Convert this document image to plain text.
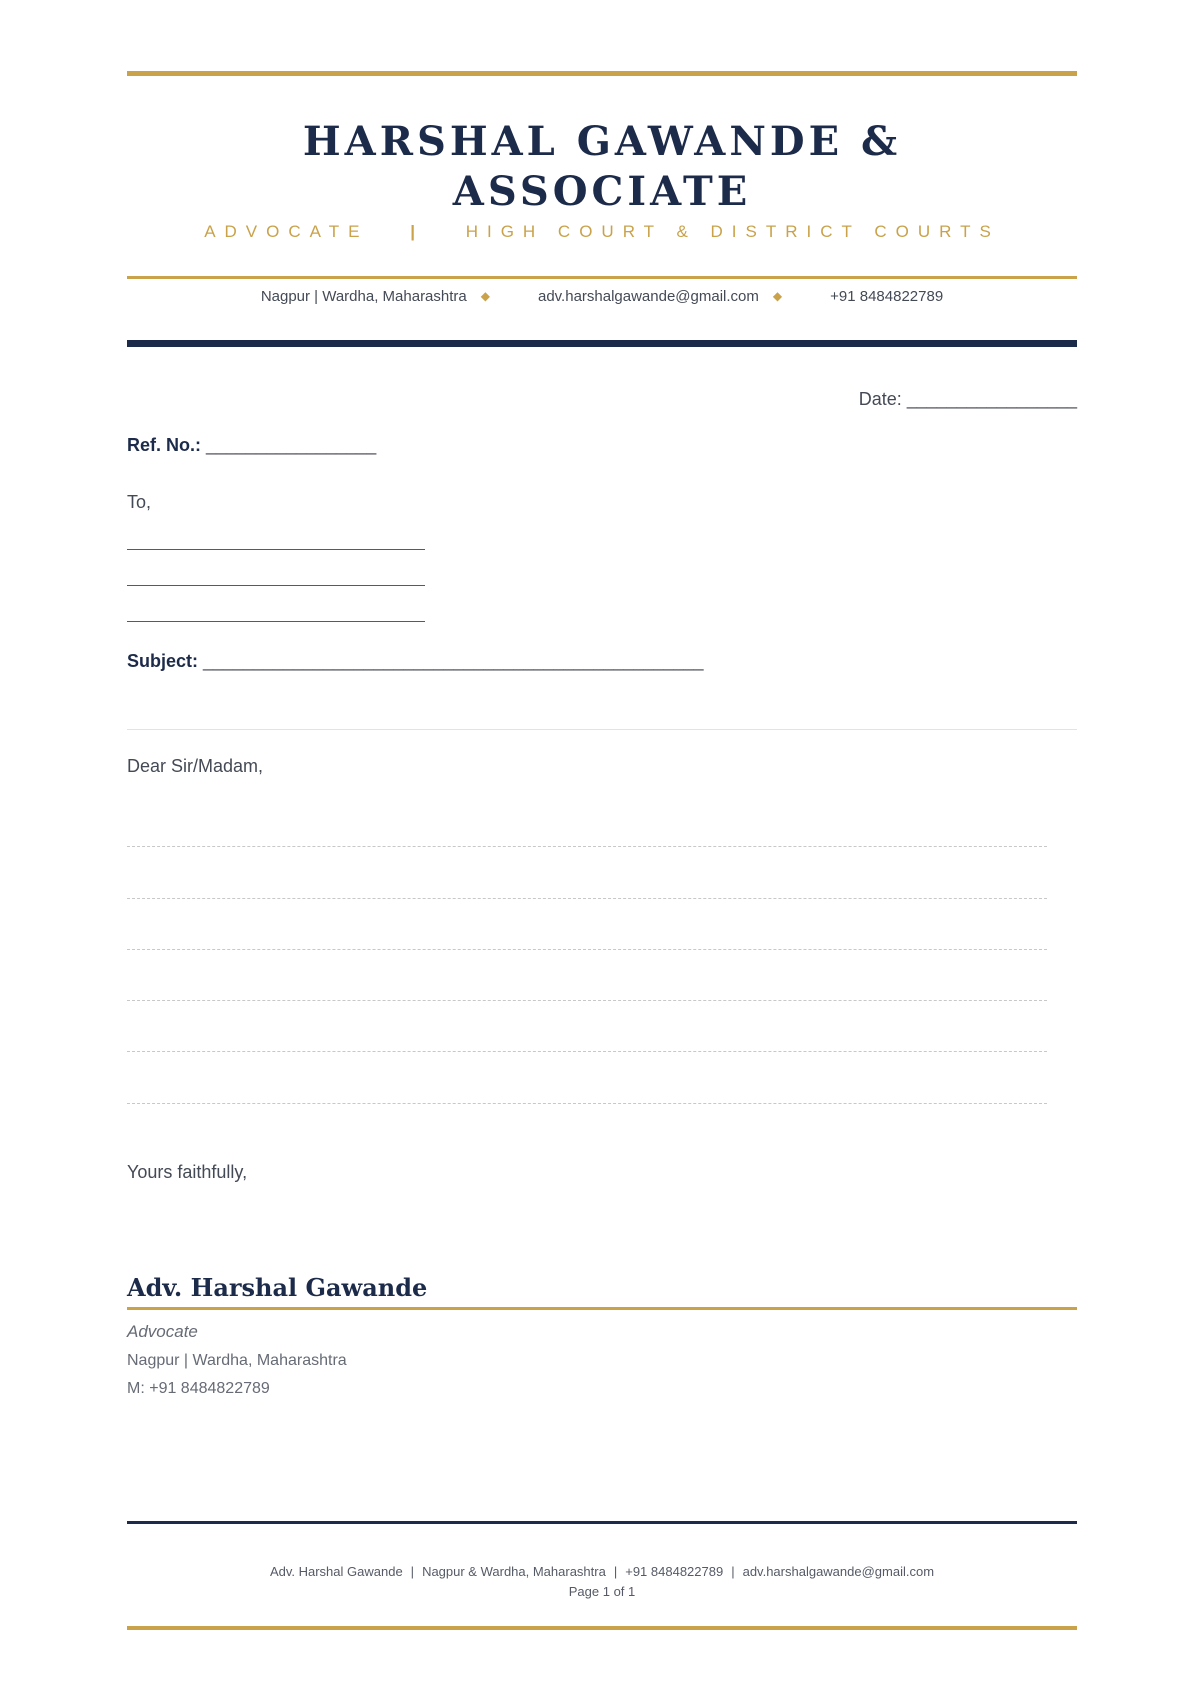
HARSHAL GAWANDE &
ASSOCIATE
ADVOCATE | HIGH COURT & DISTRICT COURTS
Nagpur | Wardha, Maharashtra ◆	adv.harshalgawande@gmail.com ◆	+91 8484822789
Date: _________________
Ref. No.: _________________
To,
Subject: __________________________________________________
Dear Sir/Madam,
Yours faithfully,
Adv. Harshal Gawande
Advocate
Nagpur | Wardha, Maharashtra
M: +91 8484822789
Adv. Harshal Gawande | Nagpur & Wardha, Maharashtra | +91 8484822789 | adv.harshalgawande@gmail.com
Page 1 of 1
